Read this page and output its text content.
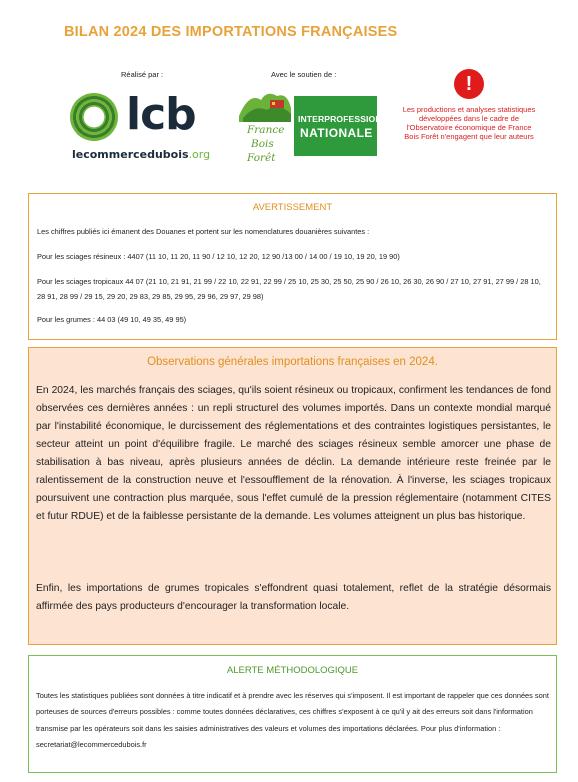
BILAN 2024 DES IMPORTATIONS FRANÇAISES
Réalisé par :	Avec le soutien de :
lcb
lecommercedubois.org
France
Bois
Forêt
INTERPROFESSION
NATIONALE
!
Les productions et analyses statistiques développées dans le cadre de l'Observatoire économique de France Bois Forêt n'engagent que leur auteurs
AVERTISSEMENT
Les chiffres publiés ici émanent des Douanes et portent sur les nomenclatures douanières suivantes :
Pour les sciages résineux : 4407 (11 10, 11 20, 11 90 / 12 10, 12 20, 12 90 /13 00 / 14 00 / 19 10, 19 20, 19 90)
Pour les sciages tropicaux 44 07 (21 10, 21 91, 21 99 / 22 10, 22 91, 22 99 / 25 10, 25 30, 25 50, 25 90 / 26 10, 26 30, 26 90 / 27 10, 27 91, 27 99 / 28 10, 28 91, 28 99 / 29 15, 29 20, 29 83, 29 85, 29 95, 29 96, 29 97, 29 98)
Pour les grumes : 44 03 (49 10, 49 35, 49 95)
Observations générales importations françaises en 2024.
En 2024, les marchés français des sciages, qu'ils soient résineux ou tropicaux, confirment les tendances de fond observées ces dernières années : un repli structurel des volumes importés. Dans un contexte mondial marqué par l'instabilité économique, le durcissement des réglementations et des contraintes logistiques persistantes, le secteur atteint un point d'équilibre fragile. Le marché des sciages résineux semble amorcer une phase de stabilisation à bas niveau, après plusieurs années de déclin. La demande intérieure reste freinée par le ralentissement de la construction neuve et l'essoufflement de la rénovation. À l'inverse, les sciages tropicaux poursuivent une contraction plus marquée, sous l'effet cumulé de la pression réglementaire (notamment CITES et futur RDUE) et de la faiblesse persistante de la demande. Les volumes atteignent un plus bas historique.
Enfin, les importations de grumes tropicales s'effondrent quasi totalement, reflet de la stratégie désormais affirmée des pays producteurs d'encourager la transformation locale.
ALERTE MÉTHODOLOGIQUE
Toutes les statistiques publiées sont données à titre indicatif et à prendre avec les réserves qui s'imposent. Il est important de rappeler que ces données sont porteuses de sources d'erreurs possibles : comme toutes données déclaratives, ces chiffres s'exposent à ce qu'il y ait des erreurs soit dans l'information transmise par les opérateurs soit dans les saisies administratives des valeurs et volumes des importations déclarées. Pour plus d'information : secretariat@lecommercedubois.fr
